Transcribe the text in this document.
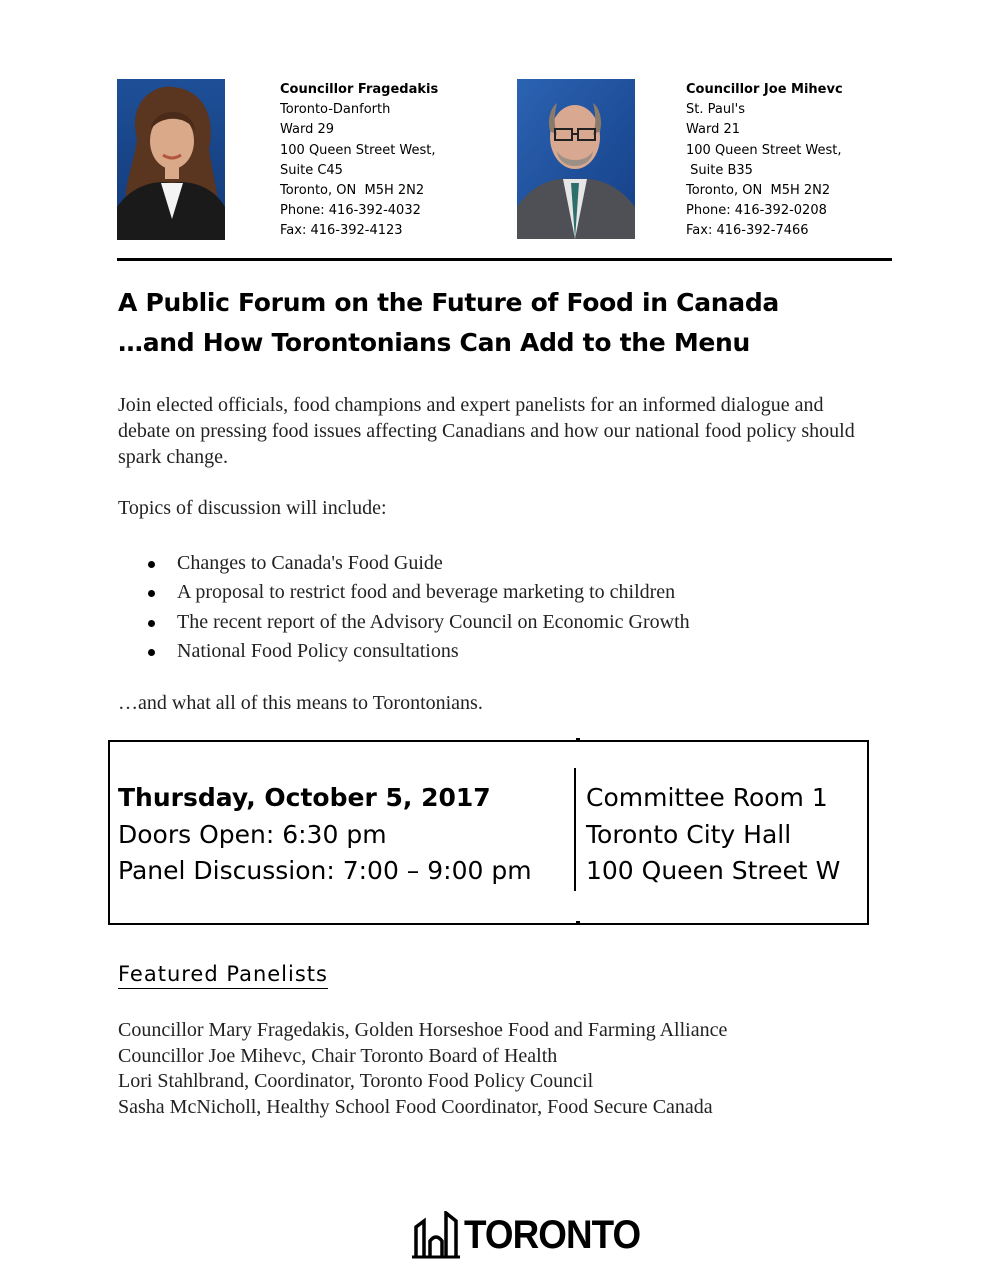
Councillor Fragedakis
Toronto-Danforth
Ward 29
100 Queen Street West,
Suite C45
Toronto, ON  M5H 2N2
Phone: 416-392-4032
Fax: 416-392-4123
Councillor Joe Mihevc
St. Paul's
Ward 21
100 Queen Street West,
Suite B35
Toronto, ON  M5H 2N2
Phone: 416-392-0208
Fax: 416-392-7466
A Public Forum on the Future of Food in Canada
…and How Torontonians Can Add to the Menu
Join elected officials, food champions and expert panelists for an informed dialogue and debate on pressing food issues affecting Canadians and how our national food policy should spark change.
Topics of discussion will include:
Changes to Canada's Food Guide
A proposal to restrict food and beverage marketing to children
The recent report of the Advisory Council on Economic Growth
National Food Policy consultations
…and what all of this means to Torontonians.
Thursday, October 5, 2017
Doors Open: 6:30 pm
Panel Discussion: 7:00 – 9:00 pm
Committee Room 1
Toronto City Hall
100 Queen Street W
Featured Panelists
Councillor Mary Fragedakis, Golden Horseshoe Food and Farming Alliance
Councillor Joe Mihevc, Chair Toronto Board of Health
Lori Stahlbrand, Coordinator, Toronto Food Policy Council
Sasha McNicholl, Healthy School Food Coordinator, Food Secure Canada
TORONTO
